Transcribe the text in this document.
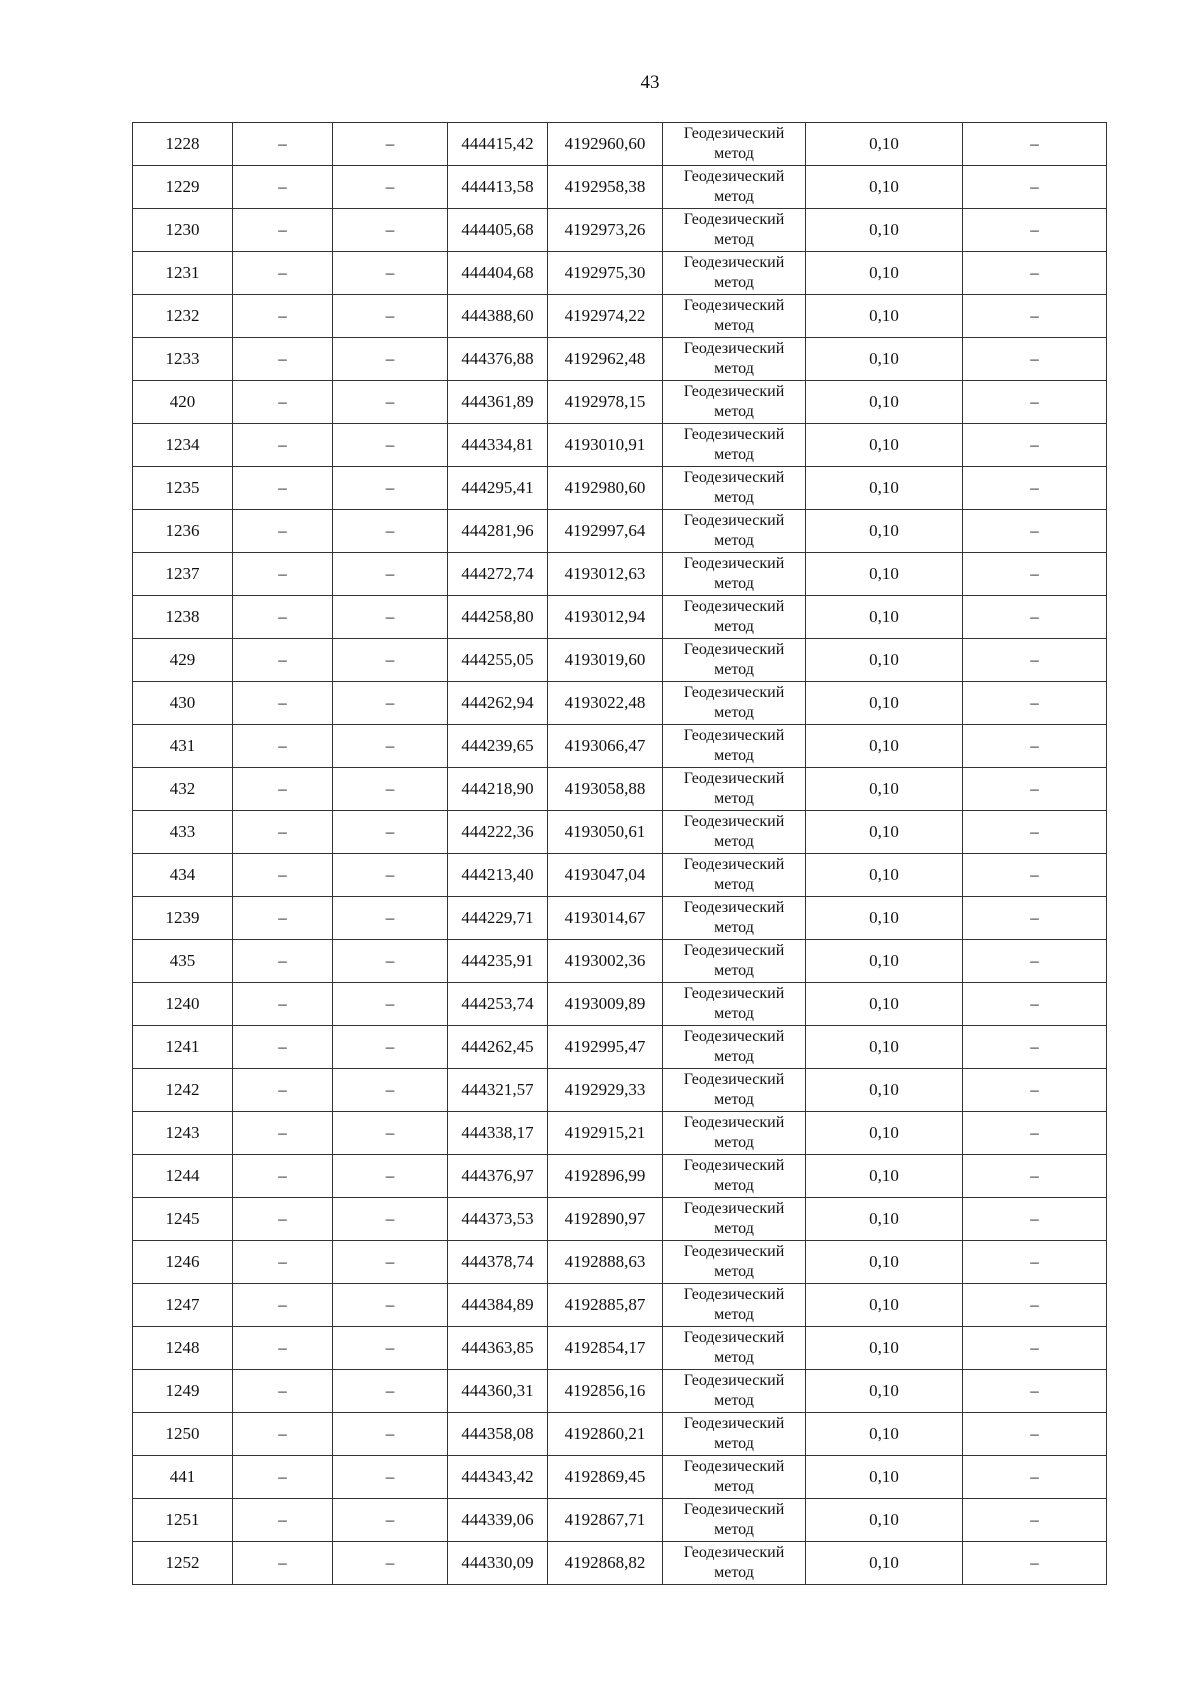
43
1228	–	–	444415,42	4192960,60	Геодезический метод	0,10	–
1229	–	–	444413,58	4192958,38	Геодезический метод	0,10	–
1230	–	–	444405,68	4192973,26	Геодезический метод	0,10	–
1231	–	–	444404,68	4192975,30	Геодезический метод	0,10	–
1232	–	–	444388,60	4192974,22	Геодезический метод	0,10	–
1233	–	–	444376,88	4192962,48	Геодезический метод	0,10	–
420	–	–	444361,89	4192978,15	Геодезический метод	0,10	–
1234	–	–	444334,81	4193010,91	Геодезический метод	0,10	–
1235	–	–	444295,41	4192980,60	Геодезический метод	0,10	–
1236	–	–	444281,96	4192997,64	Геодезический метод	0,10	–
1237	–	–	444272,74	4193012,63	Геодезический метод	0,10	–
1238	–	–	444258,80	4193012,94	Геодезический метод	0,10	–
429	–	–	444255,05	4193019,60	Геодезический метод	0,10	–
430	–	–	444262,94	4193022,48	Геодезический метод	0,10	–
431	–	–	444239,65	4193066,47	Геодезический метод	0,10	–
432	–	–	444218,90	4193058,88	Геодезический метод	0,10	–
433	–	–	444222,36	4193050,61	Геодезический метод	0,10	–
434	–	–	444213,40	4193047,04	Геодезический метод	0,10	–
1239	–	–	444229,71	4193014,67	Геодезический метод	0,10	–
435	–	–	444235,91	4193002,36	Геодезический метод	0,10	–
1240	–	–	444253,74	4193009,89	Геодезический метод	0,10	–
1241	–	–	444262,45	4192995,47	Геодезический метод	0,10	–
1242	–	–	444321,57	4192929,33	Геодезический метод	0,10	–
1243	–	–	444338,17	4192915,21	Геодезический метод	0,10	–
1244	–	–	444376,97	4192896,99	Геодезический метод	0,10	–
1245	–	–	444373,53	4192890,97	Геодезический метод	0,10	–
1246	–	–	444378,74	4192888,63	Геодезический метод	0,10	–
1247	–	–	444384,89	4192885,87	Геодезический метод	0,10	–
1248	–	–	444363,85	4192854,17	Геодезический метод	0,10	–
1249	–	–	444360,31	4192856,16	Геодезический метод	0,10	–
1250	–	–	444358,08	4192860,21	Геодезический метод	0,10	–
441	–	–	444343,42	4192869,45	Геодезический метод	0,10	–
1251	–	–	444339,06	4192867,71	Геодезический метод	0,10	–
1252	–	–	444330,09	4192868,82	Геодезический метод	0,10	–
